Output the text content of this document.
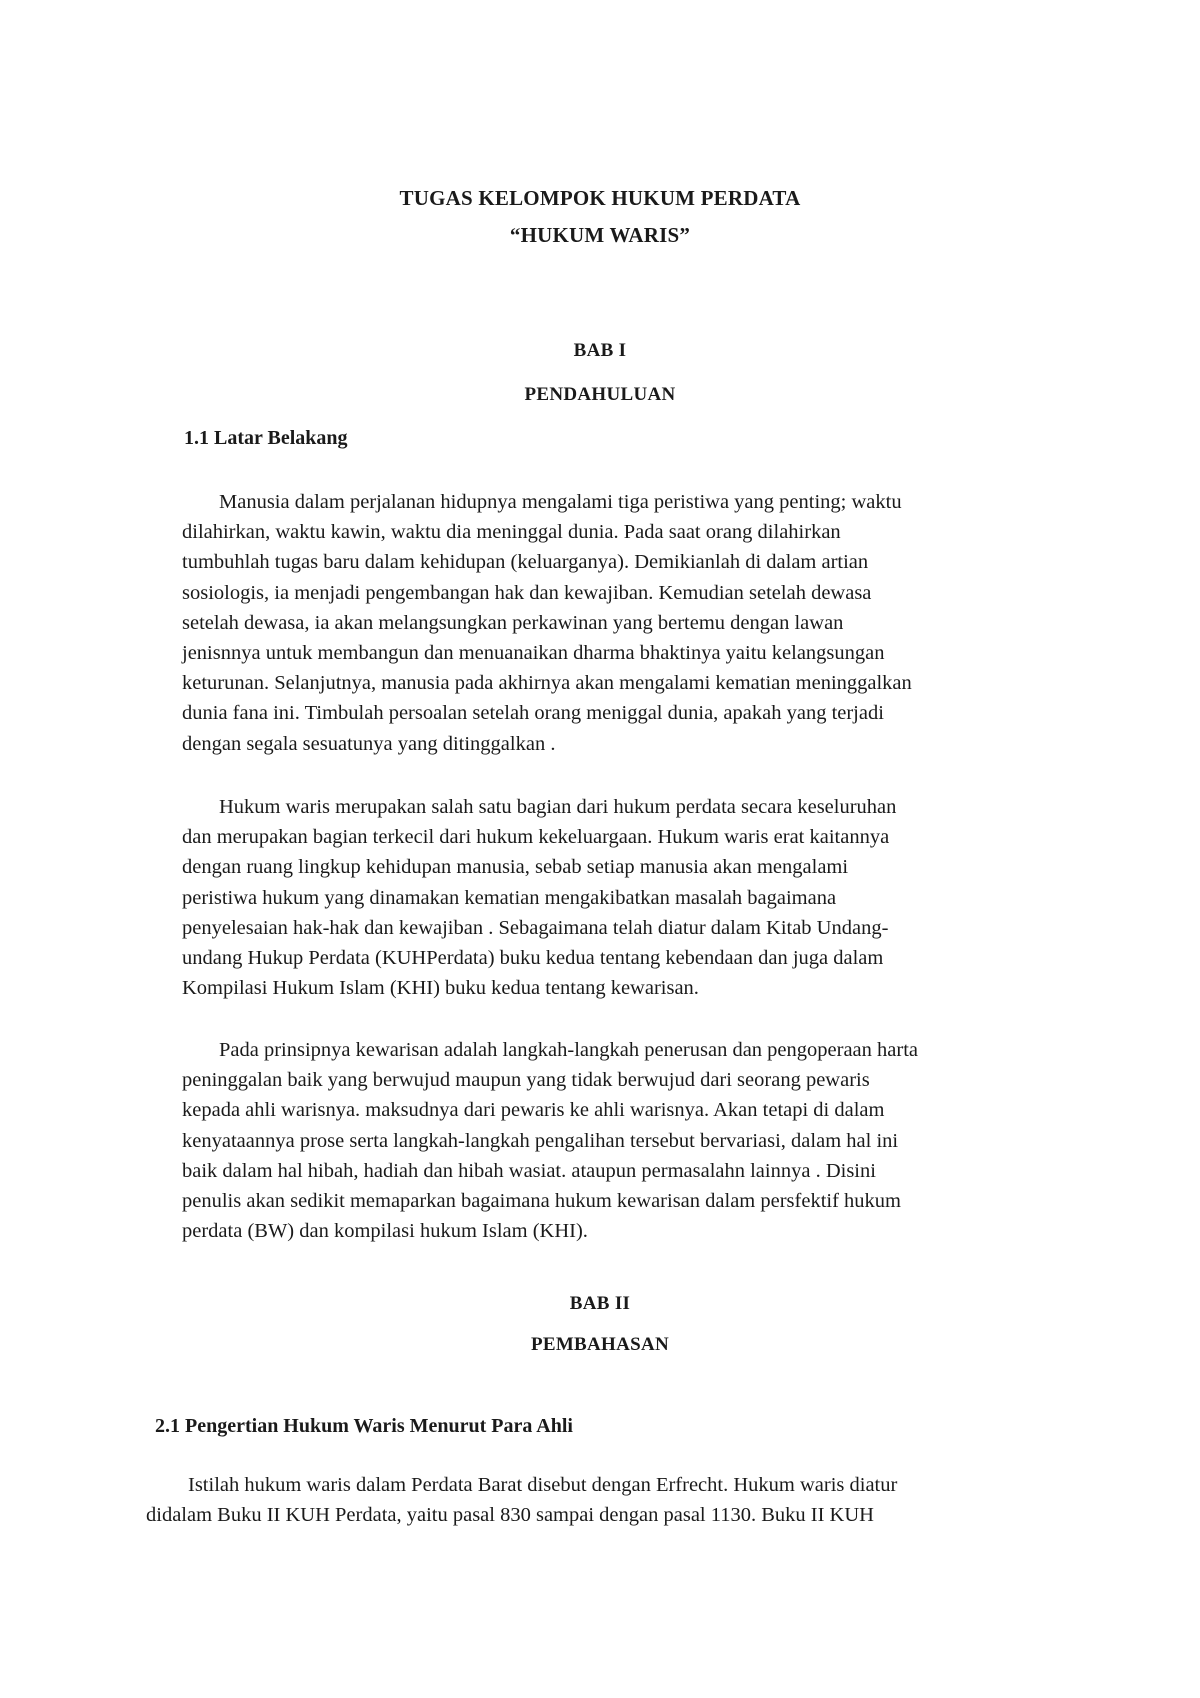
TUGAS KELOMPOK HUKUM PERDATA
“HUKUM WARIS”
BAB I
PENDAHULUAN
1.1 Latar Belakang
Manusia dalam perjalanan hidupnya mengalami tiga peristiwa yang penting; waktu
dilahirkan, waktu kawin, waktu dia meninggal dunia. Pada saat orang dilahirkan
tumbuhlah tugas baru dalam kehidupan (keluarganya). Demikianlah di dalam artian
sosiologis, ia menjadi pengembangan hak dan kewajiban. Kemudian setelah dewasa
setelah dewasa, ia akan melangsungkan perkawinan yang bertemu dengan lawan
jenisnnya untuk membangun dan menuanaikan dharma bhaktinya yaitu kelangsungan
keturunan. Selanjutnya, manusia pada akhirnya akan mengalami kematian meninggalkan
dunia fana ini. Timbulah persoalan setelah orang meniggal dunia, apakah yang terjadi
dengan segala sesuatunya yang ditinggalkan .
Hukum waris merupakan salah satu bagian dari hukum perdata secara keseluruhan
dan merupakan bagian terkecil dari hukum kekeluargaan. Hukum waris erat kaitannya
dengan ruang lingkup kehidupan manusia, sebab setiap manusia akan mengalami
peristiwa hukum yang dinamakan kematian mengakibatkan masalah bagaimana
penyelesaian hak-hak dan kewajiban . Sebagaimana telah diatur dalam Kitab Undang-
undang Hukup Perdata (KUHPerdata) buku kedua tentang kebendaan dan juga dalam
Kompilasi Hukum Islam (KHI) buku kedua tentang kewarisan.
Pada prinsipnya kewarisan adalah langkah-langkah penerusan dan pengoperaan harta
peninggalan baik yang berwujud maupun yang tidak berwujud dari seorang pewaris
kepada ahli warisnya. maksudnya dari pewaris ke ahli warisnya. Akan tetapi di dalam
kenyataannya prose serta langkah-langkah pengalihan tersebut bervariasi, dalam hal ini
baik dalam hal hibah, hadiah dan hibah wasiat. ataupun permasalahn lainnya . Disini
penulis akan sedikit memaparkan bagaimana hukum kewarisan dalam persfektif hukum
perdata (BW) dan kompilasi hukum Islam (KHI).
BAB II
PEMBAHASAN
2.1 Pengertian Hukum Waris Menurut Para Ahli
Istilah hukum waris dalam Perdata Barat disebut dengan Erfrecht. Hukum waris diatur
didalam Buku II KUH Perdata, yaitu pasal 830 sampai dengan pasal 1130. Buku II KUH
